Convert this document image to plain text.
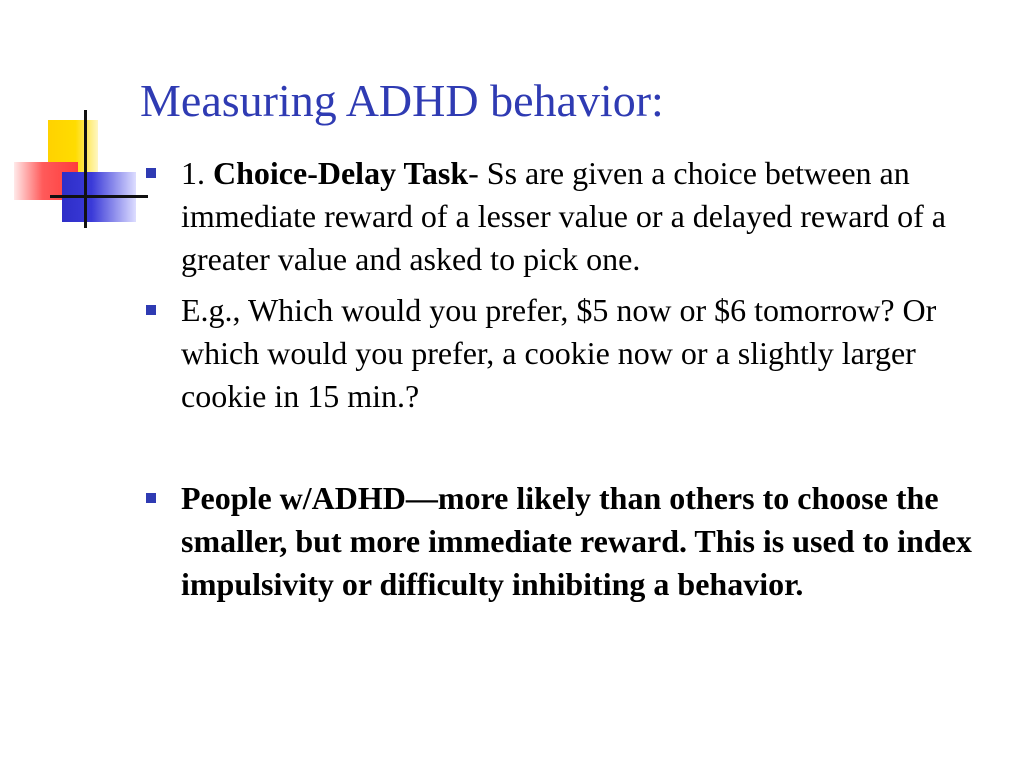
Measuring ADHD behavior:
1. Choice-Delay Task- Ss are given a choice between an immediate reward of a lesser value or a delayed reward of a greater value and asked to pick one.
E.g., Which would you prefer, $5 now or $6 tomorrow? Or which would you prefer, a cookie now or a slightly larger cookie in 15 min.?
People w/ADHD—more likely than others to choose the smaller, but more immediate reward. This is used to index impulsivity or difficulty inhibiting a behavior.
